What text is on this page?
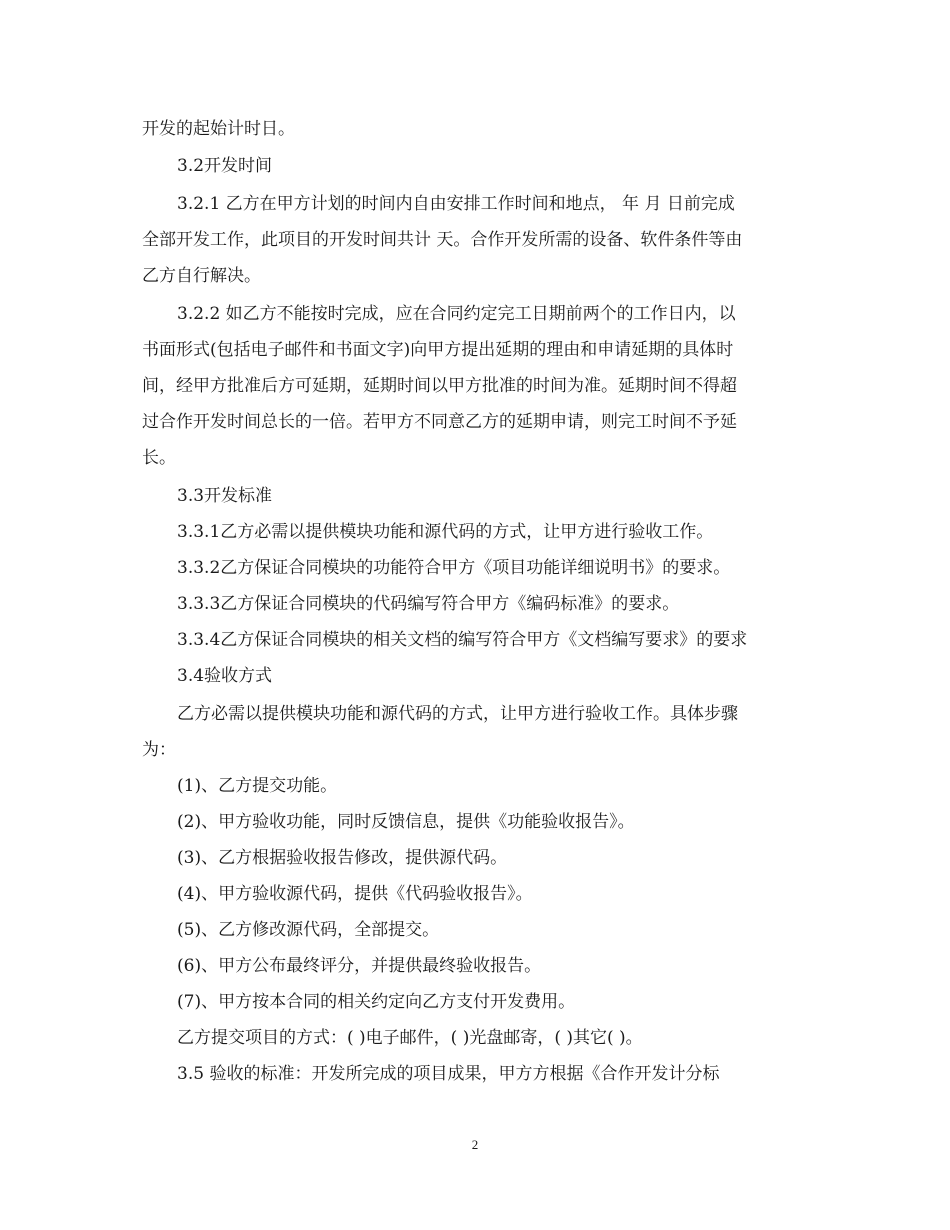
开发的起始计时日。
3.2开发时间
3.2.1 乙方在甲方计划的时间内自由安排工作时间和地点， 年 月 日前完成
全部开发工作，此项目的开发时间共计 天。合作开发所需的设备、软件条件等由
乙方自行解决。
3.2.2 如乙方不能按时完成，应在合同约定完工日期前两个的工作日内，以
书面形式(包括电子邮件和书面文字)向甲方提出延期的理由和申请延期的具体时
间，经甲方批准后方可延期，延期时间以甲方批准的时间为准。延期时间不得超
过合作开发时间总长的一倍。若甲方不同意乙方的延期申请，则完工时间不予延
长。
3.3开发标准
3.3.1乙方必需以提供模块功能和源代码的方式，让甲方进行验收工作。
3.3.2乙方保证合同模块的功能符合甲方《项目功能详细说明书》的要求。
3.3.3乙方保证合同模块的代码编写符合甲方《编码标准》的要求。
3.3.4乙方保证合同模块的相关文档的编写符合甲方《文档编写要求》的要求
3.4验收方式
乙方必需以提供模块功能和源代码的方式，让甲方进行验收工作。具体步骤
为：
(1)、乙方提交功能。
(2)、甲方验收功能，同时反馈信息，提供《功能验收报告》。
(3)、乙方根据验收报告修改，提供源代码。
(4)、甲方验收源代码，提供《代码验收报告》。
(5)、乙方修改源代码，全部提交。
(6)、甲方公布最终评分，并提供最终验收报告。
(7)、甲方按本合同的相关约定向乙方支付开发费用。
乙方提交项目的方式：( )电子邮件，( )光盘邮寄，( )其它( )。
3.5 验收的标准：开发所完成的项目成果，甲方方根据《合作开发计分标
2
